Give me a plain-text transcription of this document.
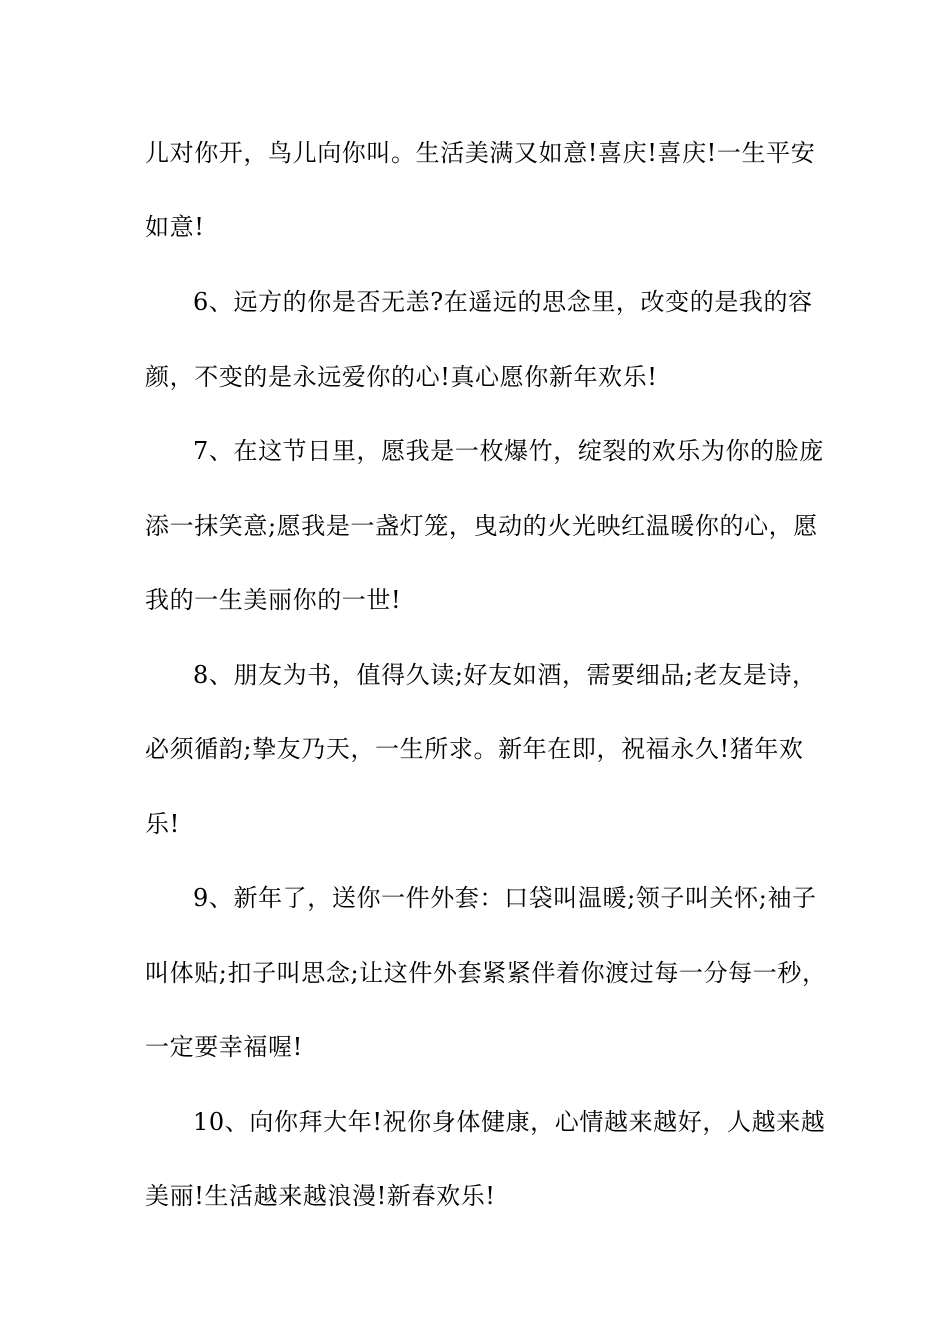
儿对你开，鸟儿向你叫。生活美满又如意!喜庆!喜庆!一生平安
如意!
6、远方的你是否无恙?在遥远的思念里，改变的是我的容
颜，不变的是永远爱你的心!真心愿你新年欢乐!
7、在这节日里，愿我是一枚爆竹，绽裂的欢乐为你的脸庞
添一抹笑意;愿我是一盏灯笼，曳动的火光映红温暖你的心，愿
我的一生美丽你的一世!
8、朋友为书，值得久读;好友如酒，需要细品;老友是诗，
必须循韵;挚友乃天，一生所求。新年在即，祝福永久!猪年欢
乐!
9、新年了，送你一件外套：口袋叫温暖;领子叫关怀;袖子
叫体贴;扣子叫思念;让这件外套紧紧伴着你渡过每一分每一秒，
一定要幸福喔!
10、向你拜大年!祝你身体健康，心情越来越好，人越来越
美丽!生活越来越浪漫!新春欢乐!
